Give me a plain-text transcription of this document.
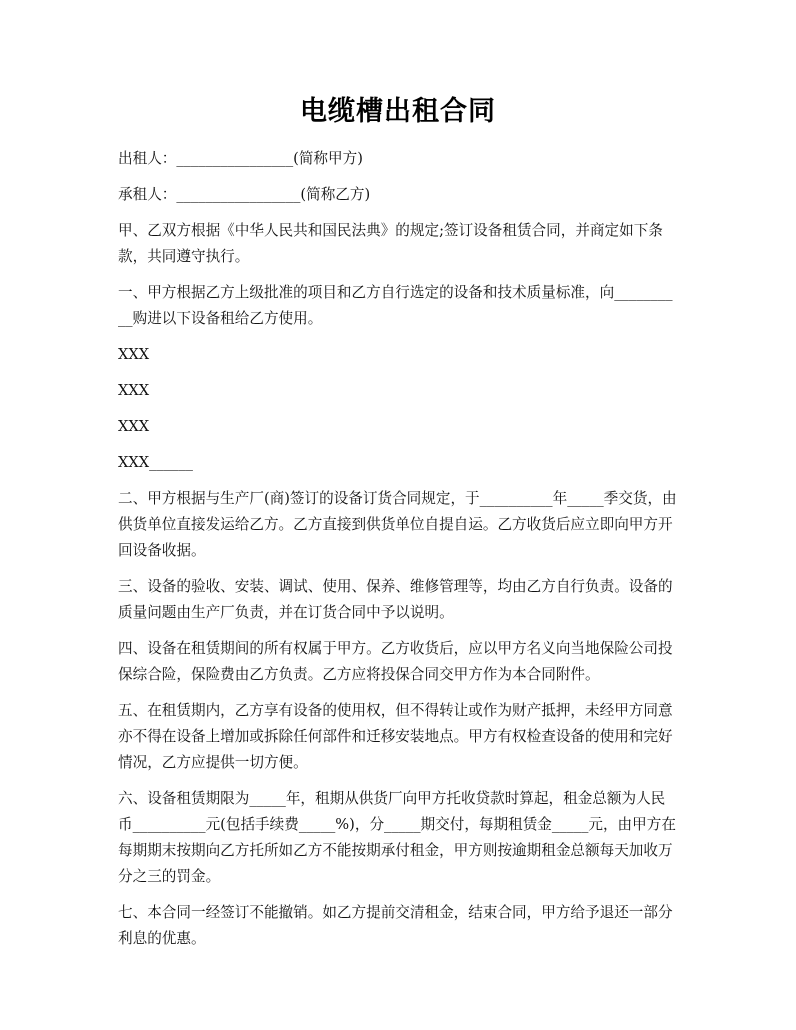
电缆槽出租合同

出租人：________________(简称甲方)

承租人：_________________(简称乙方)

甲、乙双方根据《中华人民共和国民法典》的规定;签订设备租赁合同，并商定如下条款，共同遵守执行。

一、甲方根据乙方上级批准的项目和乙方自行选定的设备和技术质量标准，向__________购进以下设备租给乙方使用。

XXX

XXX

XXX

XXX______

二、甲方根据与生产厂(商)签订的设备订货合同规定，于__________年_____季交货，由供货单位直接发运给乙方。乙方直接到供货单位自提自运。乙方收货后应立即向甲方开回设备收据。

三、设备的验收、安装、调试、使用、保养、维修管理等，均由乙方自行负责。设备的质量问题由生产厂负责，并在订货合同中予以说明。

四、设备在租赁期间的所有权属于甲方。乙方收货后，应以甲方名义向当地保险公司投保综合险，保险费由乙方负责。乙方应将投保合同交甲方作为本合同附件。

五、在租赁期内，乙方享有设备的使用权，但不得转让或作为财产抵押，未经甲方同意亦不得在设备上增加或拆除任何部件和迁移安装地点。甲方有权检查设备的使用和完好情况，乙方应提供一切方便。

六、设备租赁期限为_____年，租期从供货厂向甲方托收贷款时算起，租金总额为人民币__________元(包括手续费_____%)，分_____期交付，每期租赁金_____元，由甲方在每期期末按期向乙方托所如乙方不能按期承付租金，甲方则按逾期租金总额每天加收万分之三的罚金。

七、本合同一经签订不能撤销。如乙方提前交清租金，结束合同，甲方给予退还一部分利息的优惠。
